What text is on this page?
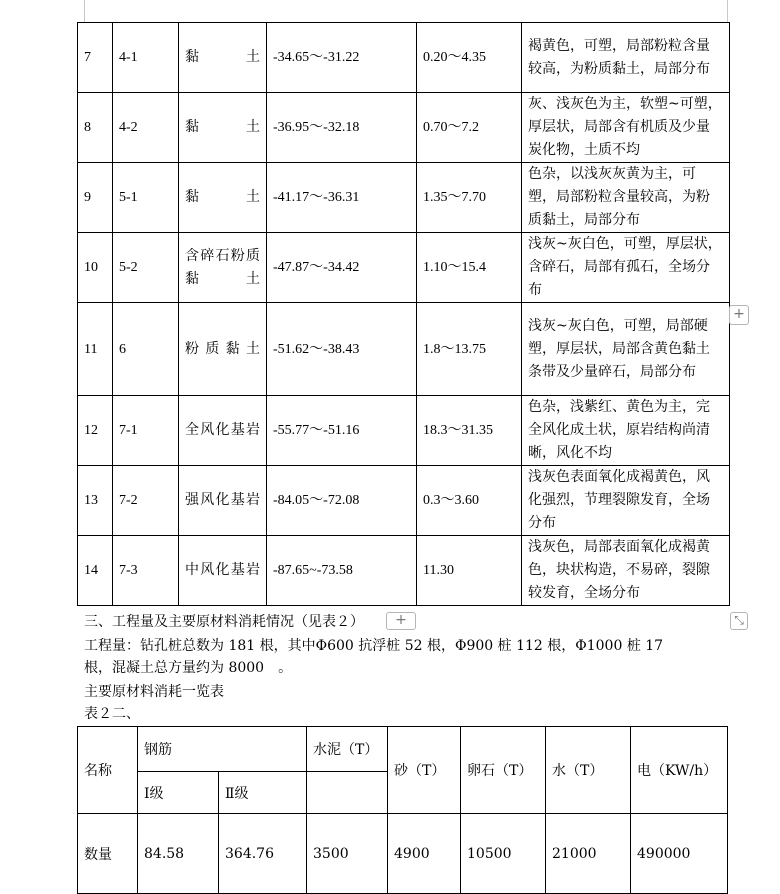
7	4-1	黏土	-34.65～-31.22	0.20～4.35	褐黄色，可塑，局部粉粒含量较高，为粉质黏土，局部分布
8	4-2	黏土	-36.95～-32.18	0.70～7.2	灰、浅灰色为主，软塑~可塑，厚层状，局部含有机质及少量炭化物，土质不均
9	5-1	黏土	-41.17～-36.31	1.35～7.70	色杂，以浅灰灰黄为主，可塑，局部粉粒含量较高，为粉质黏土，局部分布
10	5-2	含碎石粉质黏土	-47.87～-34.42	1.10～15.4	浅灰~灰白色，可塑，厚层状，含碎石，局部有孤石，全场分布
11	6	粉质黏土	-51.62～-38.43	1.8～13.75	浅灰~灰白色，可塑，局部硬塑，厚层状，局部含黄色黏土条带及少量碎石，局部分布
12	7-1	全风化基岩	-55.77～-51.16	18.3～31.35	色杂，浅紫红、黄色为主，完全风化成土状，原岩结构尚清晰，风化不均
13	7-2	强风化基岩	-84.05～-72.08	0.3～3.60	浅灰色表面氧化成褐黄色，风化强烈，节理裂隙发育，全场分布
14	7-3	中风化基岩	-87.65~-73.58	11.30	浅灰色，局部表面氧化成褐黄色，块状构造，不易碎，裂隙较发育，全场分布
+
三、工程量及主要原材料消耗情况（见表２）	+	⤡
工程量：钻孔桩总数为 181 根，其中Φ600 抗浮桩 52 根，Φ900 桩 112 根，Φ1000 桩 17
根，混凝土总方量约为 8000　。
主要原材料消耗一览表
表２二、
名称	钢筋		水泥（T）	砂（T）	卵石（T）	水（T）	电（KW/h）
	Ⅰ级	Ⅱ级					
数量	84.58	364.76	3500	4900	10500	21000	490000
